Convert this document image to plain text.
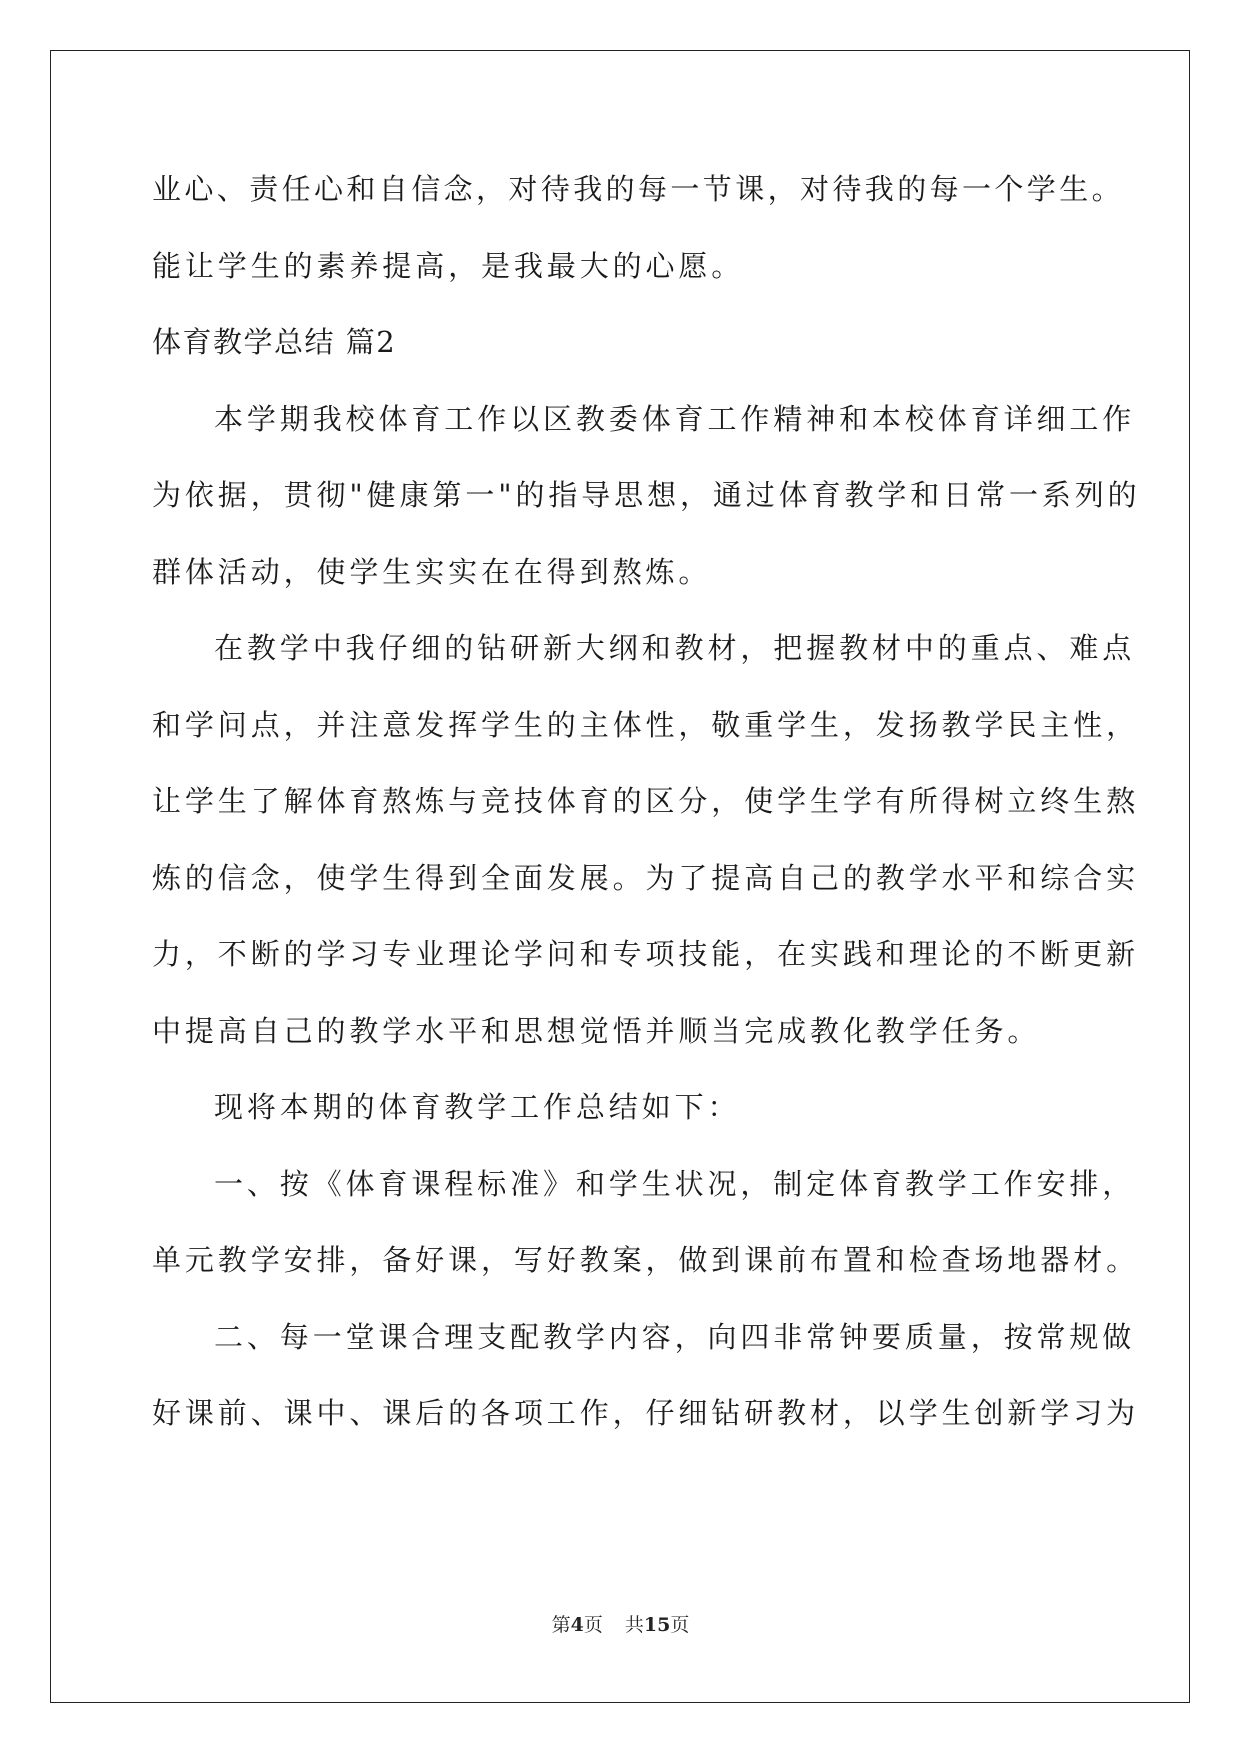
业心、责任心和自信念，对待我的每一节课，对待我的每一个学生。
能让学生的素养提高，是我最大的心愿。
体育教学总结 篇2
本学期我校体育工作以区教委体育工作精神和本校体育详细工作
为依据，贯彻"健康第一"的指导思想，通过体育教学和日常一系列的
群体活动，使学生实实在在得到熬炼。
在教学中我仔细的钻研新大纲和教材，把握教材中的重点、难点
和学问点，并注意发挥学生的主体性，敬重学生，发扬教学民主性，
让学生了解体育熬炼与竞技体育的区分，使学生学有所得树立终生熬
炼的信念，使学生得到全面发展。为了提高自己的教学水平和综合实
力，不断的学习专业理论学问和专项技能，在实践和理论的不断更新
中提高自己的教学水平和思想觉悟并顺当完成教化教学任务。
现将本期的体育教学工作总结如下：
一、按《体育课程标准》和学生状况，制定体育教学工作安排，
单元教学安排，备好课，写好教案，做到课前布置和检查场地器材。
二、每一堂课合理支配教学内容，向四非常钟要质量，按常规做
好课前、课中、课后的各项工作，仔细钻研教材，以学生创新学习为
第4页 共15页
